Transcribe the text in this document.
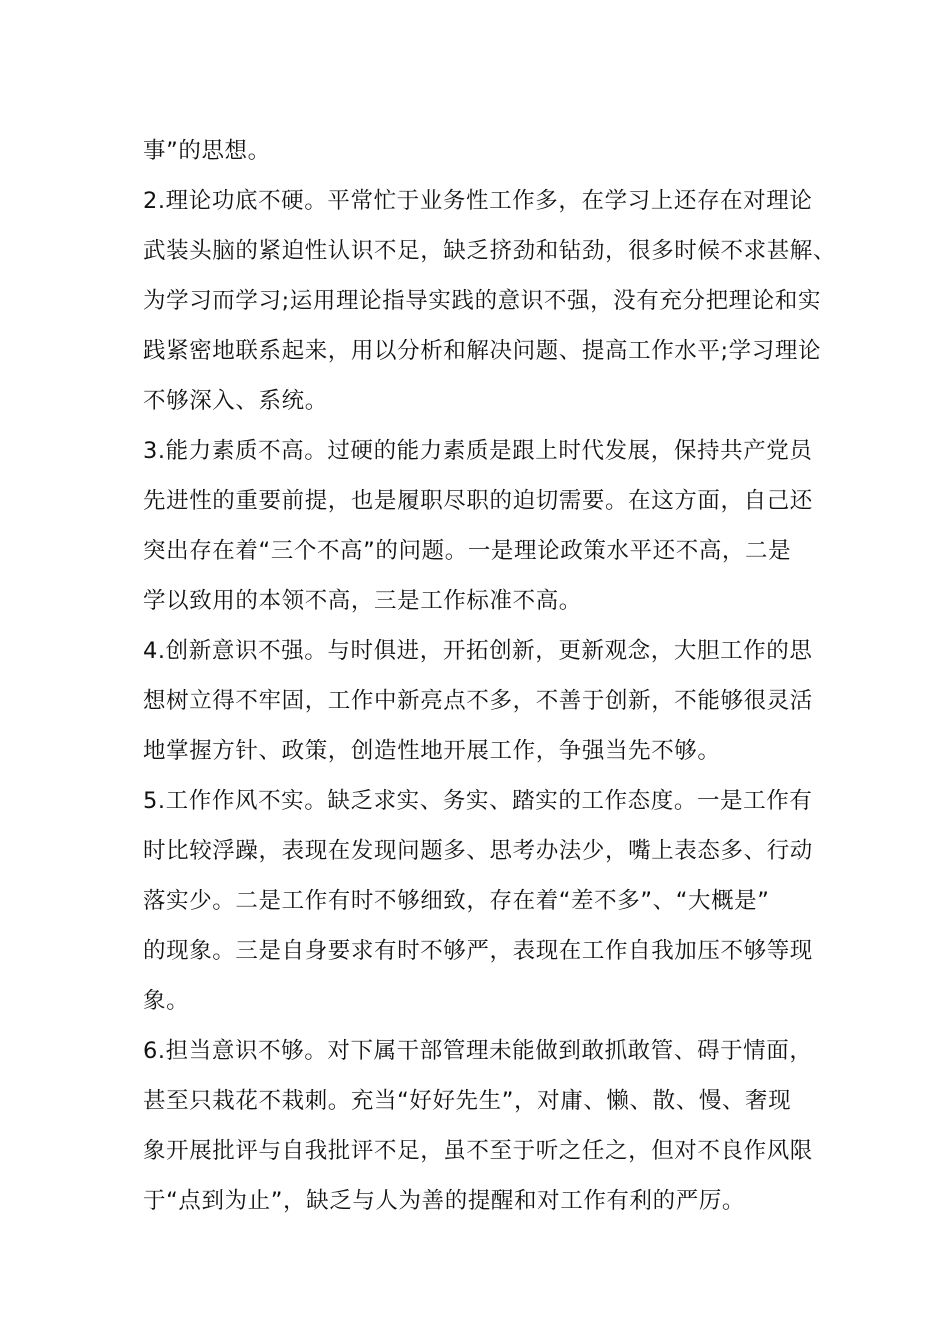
事”的思想。
2.理论功底不硬。平常忙于业务性工作多，在学习上还存在对理论
武装头脑的紧迫性认识不足，缺乏挤劲和钻劲，很多时候不求甚解、
为学习而学习;运用理论指导实践的意识不强，没有充分把理论和实
践紧密地联系起来，用以分析和解决问题、提高工作水平;学习理论
不够深入、系统。
3.能力素质不高。过硬的能力素质是跟上时代发展，保持共产党员
先进性的重要前提，也是履职尽职的迫切需要。在这方面，自己还
突出存在着“三个不高”的问题。一是理论政策水平还不高，二是
学以致用的本领不高，三是工作标准不高。
4.创新意识不强。与时俱进，开拓创新，更新观念，大胆工作的思
想树立得不牢固，工作中新亮点不多，不善于创新，不能够很灵活
地掌握方针、政策，创造性地开展工作，争强当先不够。
5.工作作风不实。缺乏求实、务实、踏实的工作态度。一是工作有
时比较浮躁，表现在发现问题多、思考办法少，嘴上表态多、行动
落实少。二是工作有时不够细致，存在着“差不多”、“大概是”
的现象。三是自身要求有时不够严，表现在工作自我加压不够等现
象。
6.担当意识不够。对下属干部管理未能做到敢抓敢管、碍于情面，
甚至只栽花不栽刺。充当“好好先生”，对庸、懒、散、慢、奢现
象开展批评与自我批评不足，虽不至于听之任之，但对不良作风限
于“点到为止”，缺乏与人为善的提醒和对工作有利的严厉。
